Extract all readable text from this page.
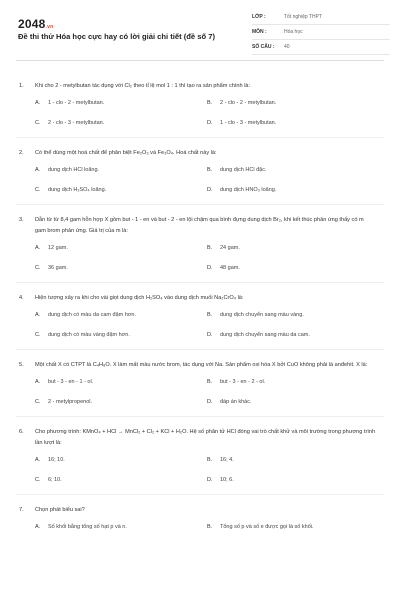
2048.vn
Đề thi thử Hóa học cực hay có lời giải chi tiết (đề số 7)
LỚP :	Tốt nghiệp THPT
MÔN :	Hóa học
SỐ CÂU :	40
1.	Khi cho 2 - metylbutan tác dụng với Cl₂ theo tỉ lệ mol 1 : 1 thì tạo ra sản phẩm chính là:
A.	1 - clo - 2 - metylbutan.	B.	2 - clo - 2 - metylbutan.
C.	2 - clo - 3 - metylbutan.	D.	1 - clo - 3 - metylbutan.
2.	Có thể dùng một hoá chất để phân biệt Fe₂O₃ và Fe₃O₄. Hoá chất này là:
A.	dung dịch HCl loãng.	B.	dung dịch HCl đặc.
C.	dung dịch H₂SO₄ loãng.	D.	dung dịch HNO₃ loãng.
3.	Dẫn từ từ 8,4 gam hỗn hợp X gồm but - 1 - en và but - 2 - en lội chậm qua bình đựng dung dịch Br₂, khi kết thúc phản ứng thấy có m gam brom phản ứng. Giá trị của m là:
A.	12 gam.	B.	24 gam.
C.	36 gam.	D.	48 gam.
4.	Hiện tượng xảy ra khi cho vài giọt dung dịch H₂SO₄ vào dung dịch muối Na₂CrO₄ là:
A.	dung dịch có màu da cam đậm hơn.	B.	dung dịch chuyển sang màu vàng.
C.	dung dịch có màu vàng đậm hơn.	D.	dung dịch chuyển sang màu da cam.
5.	Một chất X có CTPT là C₄H₈O. X làm mất màu nước brom, tác dụng với Na. Sản phẩm oxi hóa X bởi CuO không phải là anđehit. X là:
A.	but - 3 - en - 1 - ol.	B.	but - 3 - en - 2 - ol.
C.	2 - metylpropenol.	D.	đáp án khác.
6.	Cho phương trình: KMnO₄ + HCl → MnCl₂ + Cl₂ + KCl + H₂O. Hệ số phân tử HCl đóng vai trò chất khử và môi trường trong phương trình lần lượt là:
A.	16; 10.	B.	16; 4.
C.	6; 10.	D.	10; 6.
7.	Chọn phát biểu sai?
A.	Số khối bằng tổng số hạt p và n.	B.	Tổng số p và số e được gọi là số khối.
